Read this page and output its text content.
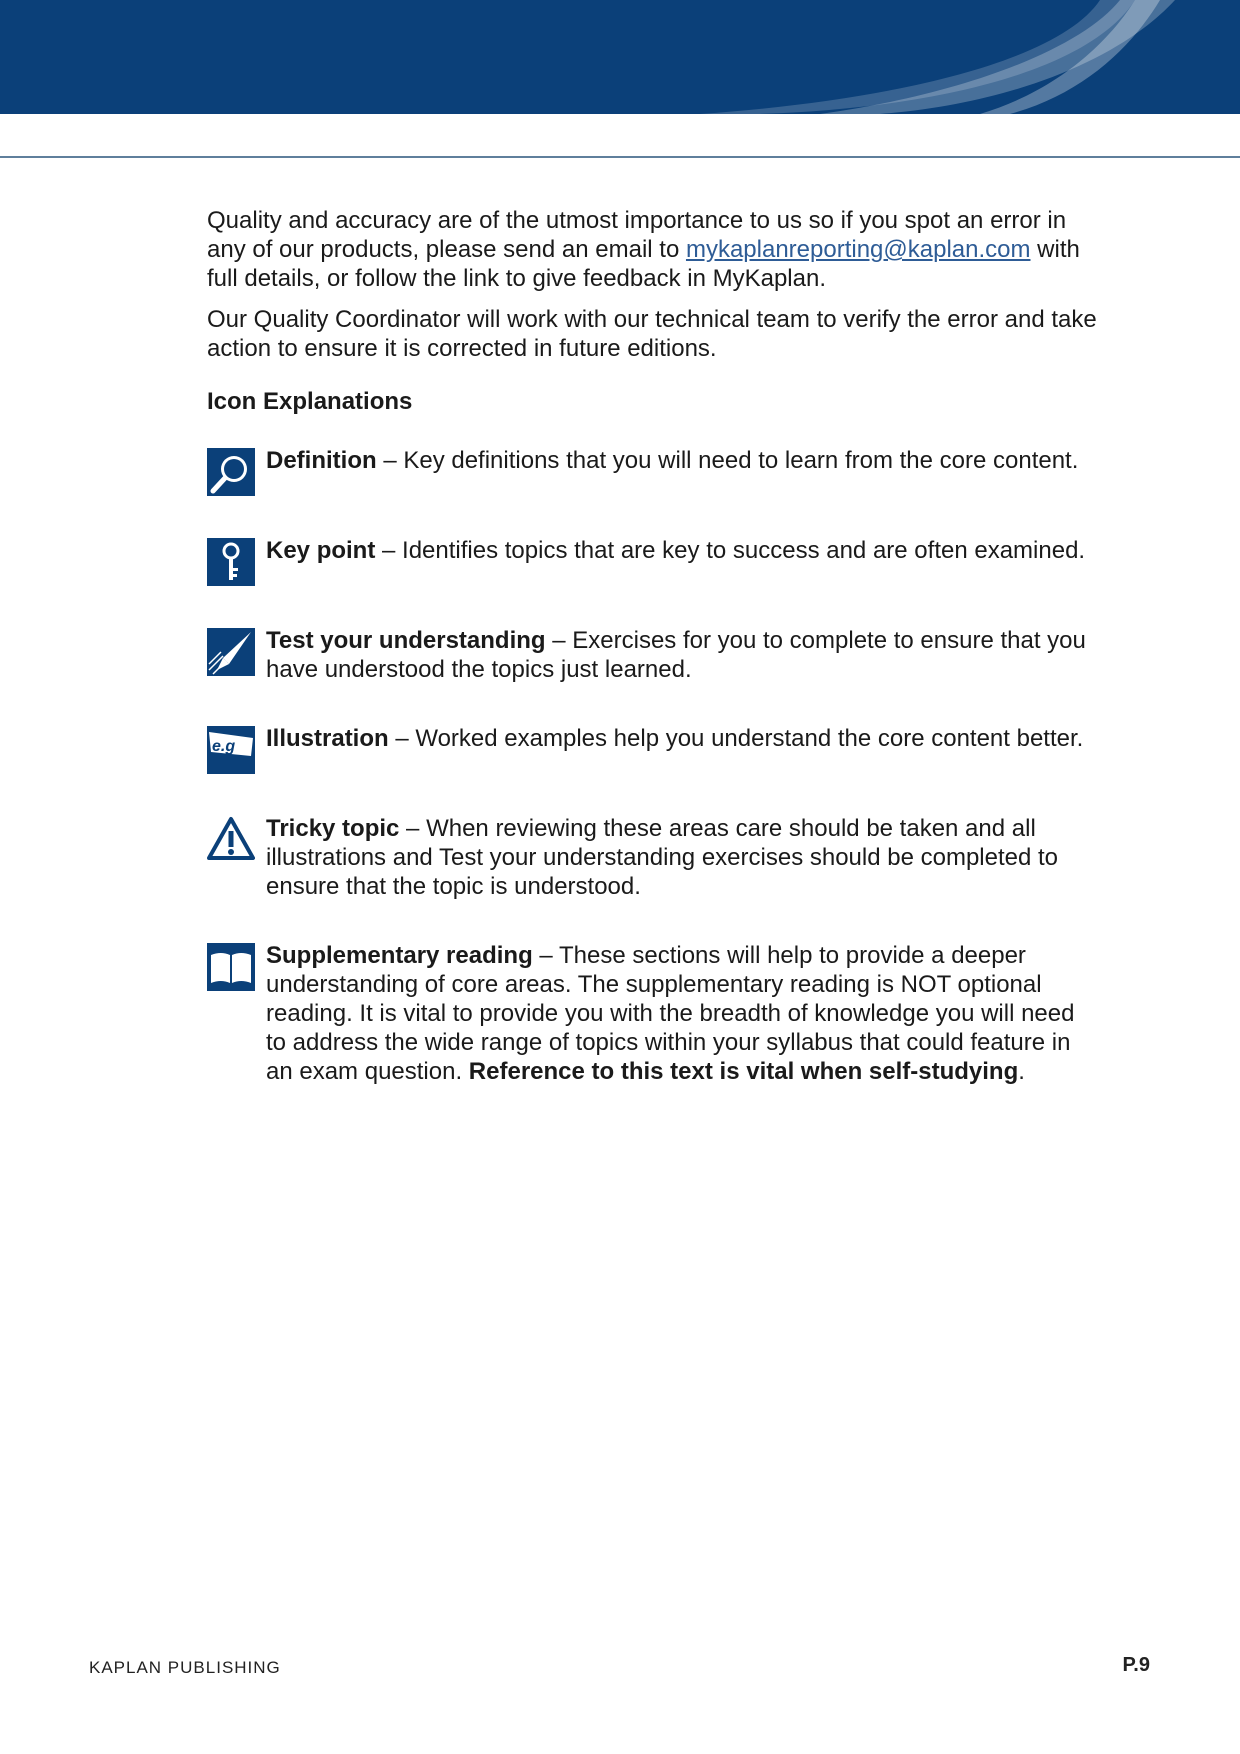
Quality and accuracy are of the utmost importance to us so if you spot an error in any of our products, please send an email to mykaplanreporting@kaplan.com with full details, or follow the link to give feedback in MyKaplan.

Our Quality Coordinator will work with our technical team to verify the error and take action to ensure it is corrected in future editions.

Icon Explanations

Definition – Key definitions that you will need to learn from the core content.
Key point – Identifies topics that are key to success and are often examined.
Test your understanding – Exercises for you to complete to ensure that you have understood the topics just learned.
e.g Illustration – Worked examples help you understand the core content better.
Tricky topic – When reviewing these areas care should be taken and all illustrations and Test your understanding exercises should be completed to ensure that the topic is understood.
Supplementary reading – These sections will help to provide a deeper understanding of core areas. The supplementary reading is NOT optional reading. It is vital to provide you with the breadth of knowledge you will need to address the wide range of topics within your syllabus that could feature in an exam question. Reference to this text is vital when self-studying.
KAPLAN PUBLISHING	P.9
